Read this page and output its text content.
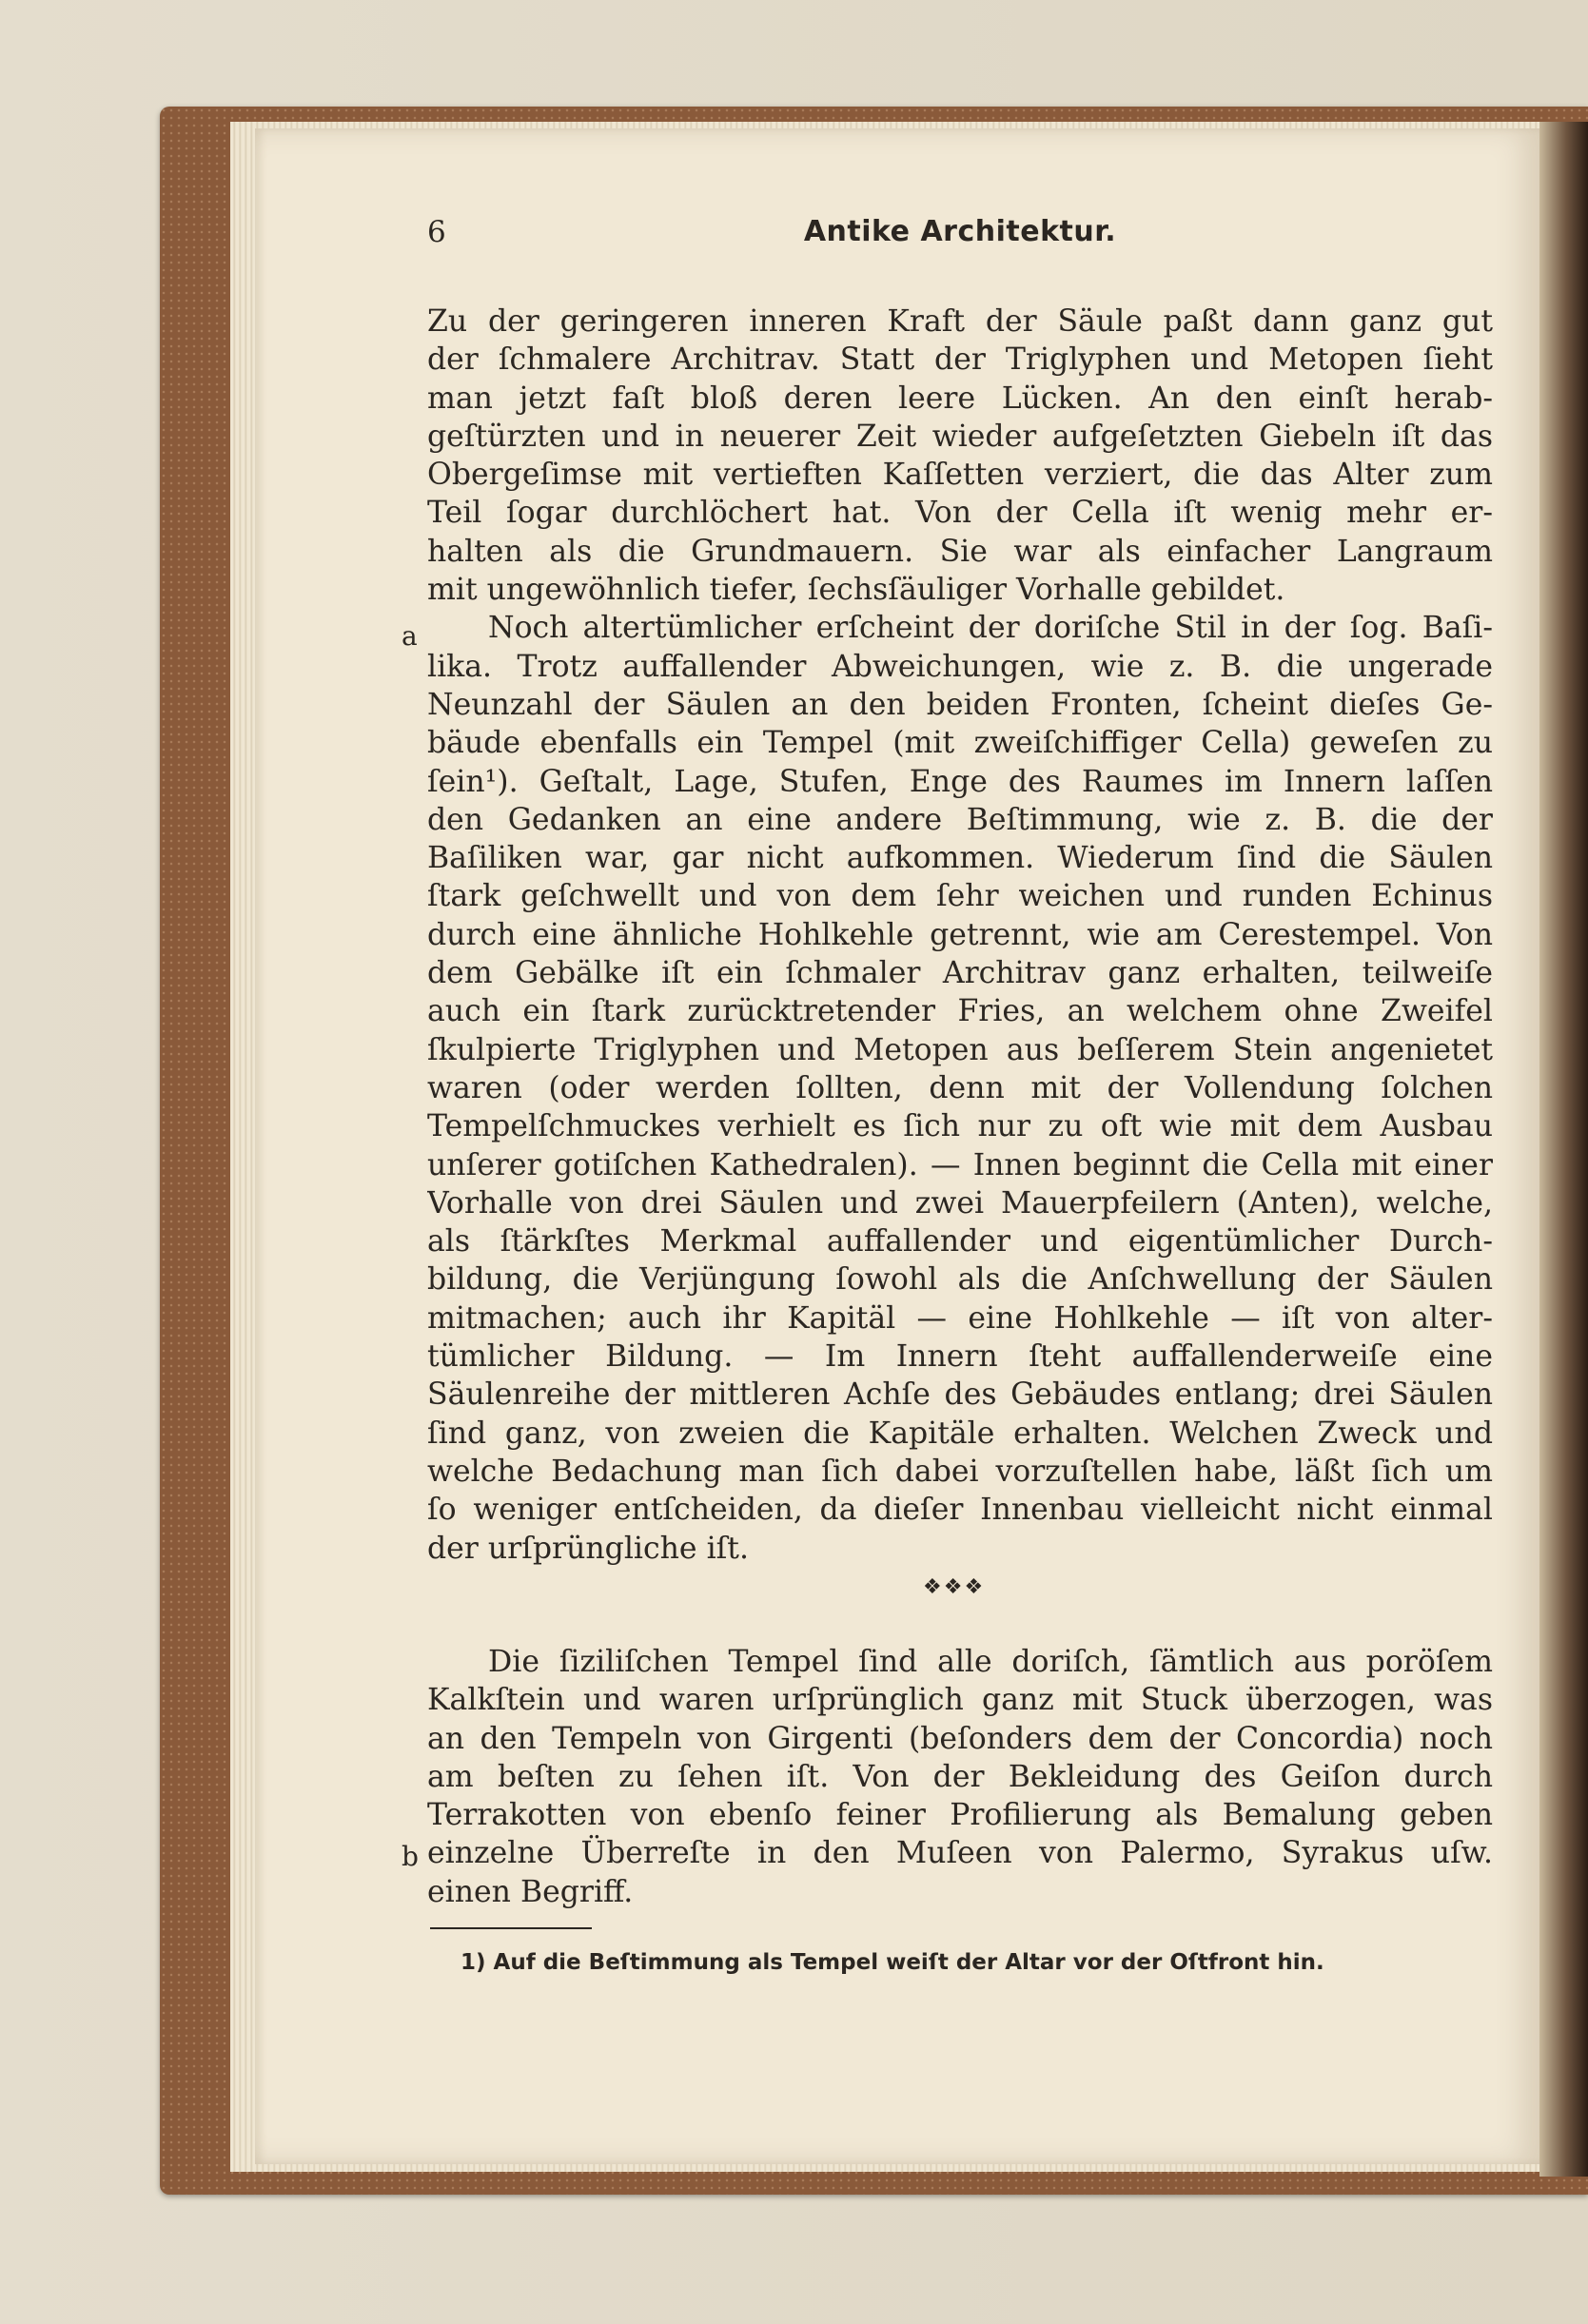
6	Antike Architektur.
Zu der geringeren inneren Kraft der Säule paßt dann ganz gut
der ſchmalere Architrav. Statt der Triglyphen und Metopen ſieht
man jetzt faſt bloß deren leere Lücken. An den einſt herab-
geſtürzten und in neuerer Zeit wieder aufgeſetzten Giebeln iſt das
Obergeſimse mit vertieften Kaſſetten verziert, die das Alter zum
Teil ſogar durchlöchert hat. Von der Cella iſt wenig mehr er-
halten als die Grundmauern. Sie war als einfacher Langraum
mit ungewöhnlich tiefer, ſechsſäuliger Vorhalle gebildet.
Noch altertümlicher erſcheint der doriſche Stil in der ſog. Baſi-
lika. Trotz auffallender Abweichungen, wie z. B. die ungerade
Neunzahl der Säulen an den beiden Fronten, ſcheint dieſes Ge-
bäude ebenfalls ein Tempel (mit zweiſchiffiger Cella) geweſen zu
ſein¹). Geſtalt, Lage, Stufen, Enge des Raumes im Innern laſſen
den Gedanken an eine andere Beſtimmung, wie z. B. die der
Baſiliken war, gar nicht aufkommen. Wiederum ſind die Säulen
ſtark geſchwellt und von dem ſehr weichen und runden Echinus
durch eine ähnliche Hohlkehle getrennt, wie am Cerestempel. Von
dem Gebälke iſt ein ſchmaler Architrav ganz erhalten, teilweiſe
auch ein ſtark zurücktretender Fries, an welchem ohne Zweifel
ſkulpierte Triglyphen und Metopen aus beſſerem Stein angenietet
waren (oder werden ſollten, denn mit der Vollendung ſolchen
Tempelſchmuckes verhielt es ſich nur zu oft wie mit dem Ausbau
unſerer gotiſchen Kathedralen). — Innen beginnt die Cella mit einer
Vorhalle von drei Säulen und zwei Mauerpfeilern (Anten), welche,
als ſtärkſtes Merkmal auffallender und eigentümlicher Durch-
bildung, die Verjüngung ſowohl als die Anſchwellung der Säulen
mitmachen; auch ihr Kapitäl — eine Hohlkehle — iſt von alter-
tümlicher Bildung. — Im Innern ſteht auffallenderweiſe eine
Säulenreihe der mittleren Achſe des Gebäudes entlang; drei Säulen
ſind ganz, von zweien die Kapitäle erhalten. Welchen Zweck und
welche Bedachung man ſich dabei vorzuſtellen habe, läßt ſich um
ſo weniger entſcheiden, da dieſer Innenbau vielleicht nicht einmal
der urſprüngliche iſt.
❖❖❖
Die ſiziliſchen Tempel ſind alle doriſch, ſämtlich aus poröſem
Kalkſtein und waren urſprünglich ganz mit Stuck überzogen, was
an den Tempeln von Girgenti (beſonders dem der Concordia) noch
am beſten zu ſehen iſt. Von der Bekleidung des Geiſon durch
Terrakotten von ebenſo feiner Profilierung als Bemalung geben
einzelne Überreſte in den Muſeen von Palermo, Syrakus uſw.
einen Begriff.
a
b
1) Auf die Beſtimmung als Tempel weiſt der Altar vor der Oſtfront hin.
